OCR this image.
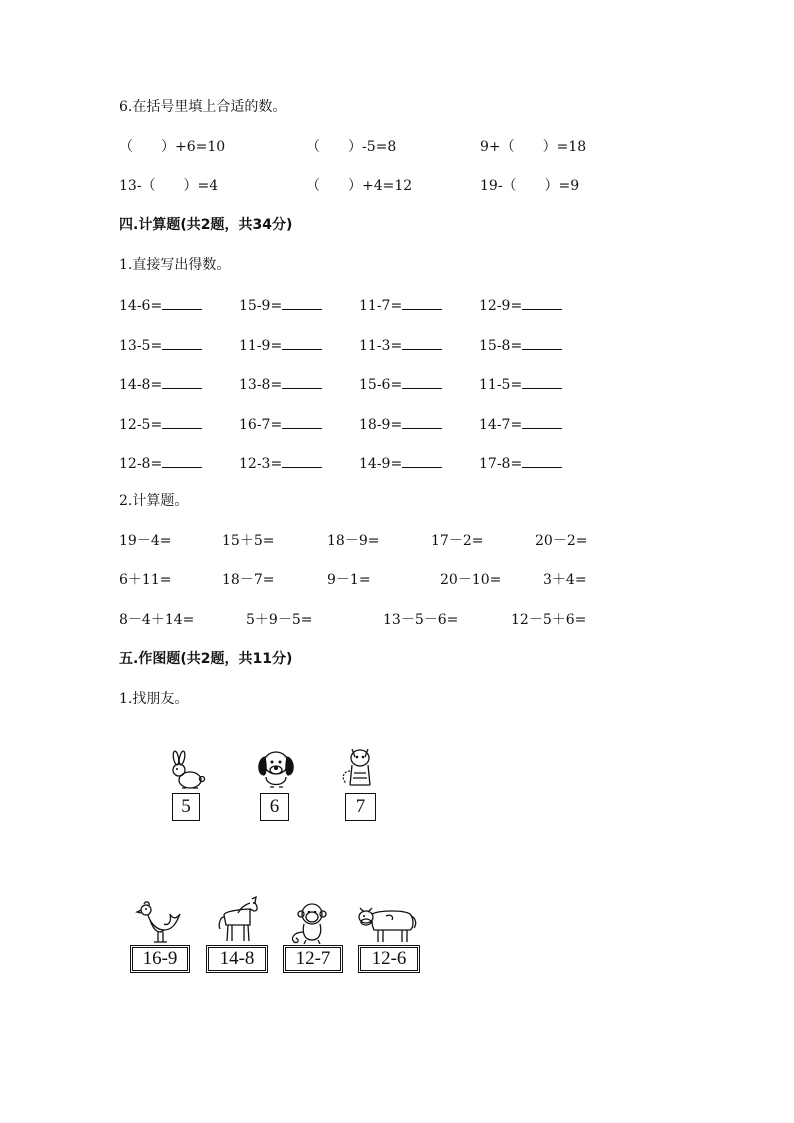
6.在括号里填上合适的数。
（　　）+6=10	（　　）-5=8	9+（　　）=18
13-（　　）=4	（　　）+4=12	19-（　　）=9
四.计算题(共2题，共34分)
1.直接写出得数。
14-6=	15-9=	11-7=	12-9=
13-5=	11-9=	11-3=	15-8=
14-8=	13-8=	15-6=	11-5=
12-5=	16-7=	18-9=	14-7=
12-8=	12-3=	14-9=	17-8=
2.计算题。
19－4=	15＋5=	18－9=	17－2=	20－2=
6＋11=	18－7=	9－1=	20－10=	3＋4=
8－4＋14=	5＋9－5=	13－5－6=	12－5＋6=
五.作图题(共2题，共11分)
1.找朋友。
5	6	7
16-9	14-8	12-7	12-6
